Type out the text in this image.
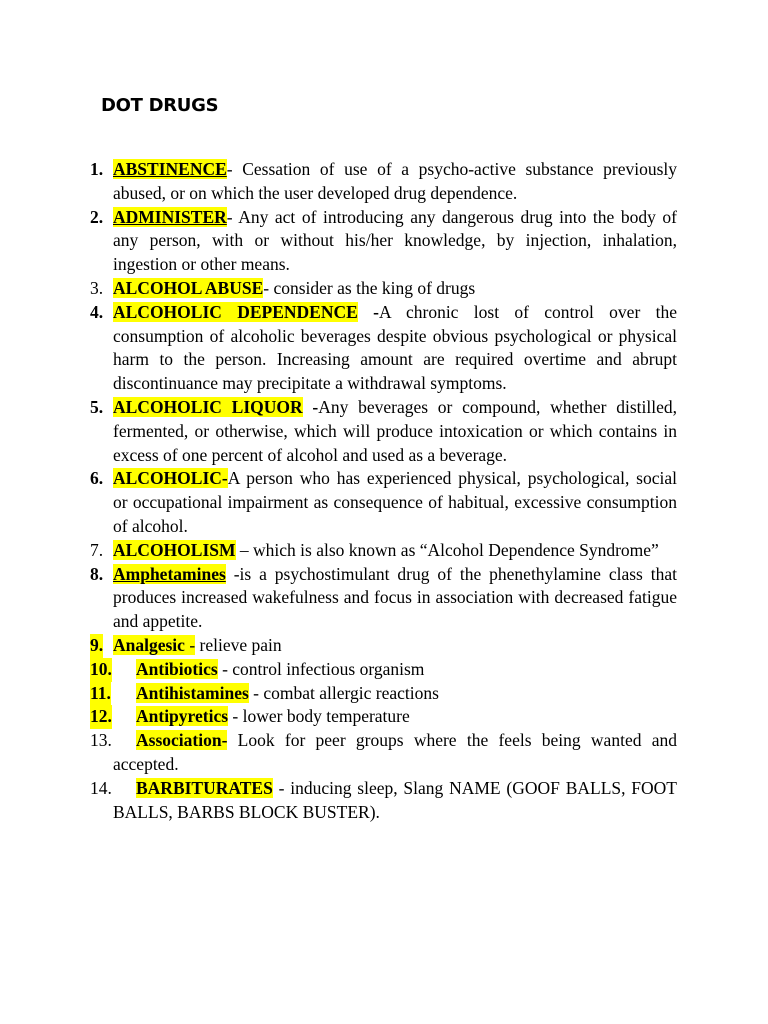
DOT DRUGS
1. ABSTINENCE- Cessation of use of a psycho-active substance previously abused, or on which the user developed drug dependence.
2. ADMINISTER- Any act of introducing any dangerous drug into the body of any person, with or without his/her knowledge, by injection, inhalation, ingestion or other means.
3. ALCOHOL ABUSE- consider as the king of drugs
4. ALCOHOLIC DEPENDENCE -A chronic lost of control over the consumption of alcoholic beverages despite obvious psychological or physical harm to the person. Increasing amount are required overtime and abrupt discontinuance may precipitate a withdrawal symptoms.
5. ALCOHOLIC LIQUOR -Any beverages or compound, whether distilled, fermented, or otherwise, which will produce intoxication or which contains in excess of one percent of alcohol and used as a beverage.
6. ALCOHOLIC-A person who has experienced physical, psychological, social or occupational impairment as consequence of habitual, excessive consumption of alcohol.
7. ALCOHOLISM – which is also known as “Alcohol Dependence Syndrome”
8. Amphetamines -is a psychostimulant drug of the phenethylamine class that produces increased wakefulness and focus in association with decreased fatigue and appetite.
9. Analgesic - relieve pain
10. Antibiotics - control infectious organism
11. Antihistamines - combat allergic reactions
12. Antipyretics - lower body temperature
13. Association- Look for peer groups where the feels being wanted and accepted.
14. BARBITURATES - inducing sleep, Slang NAME (GOOF BALLS, FOOT BALLS, BARBS BLOCK BUSTER).
